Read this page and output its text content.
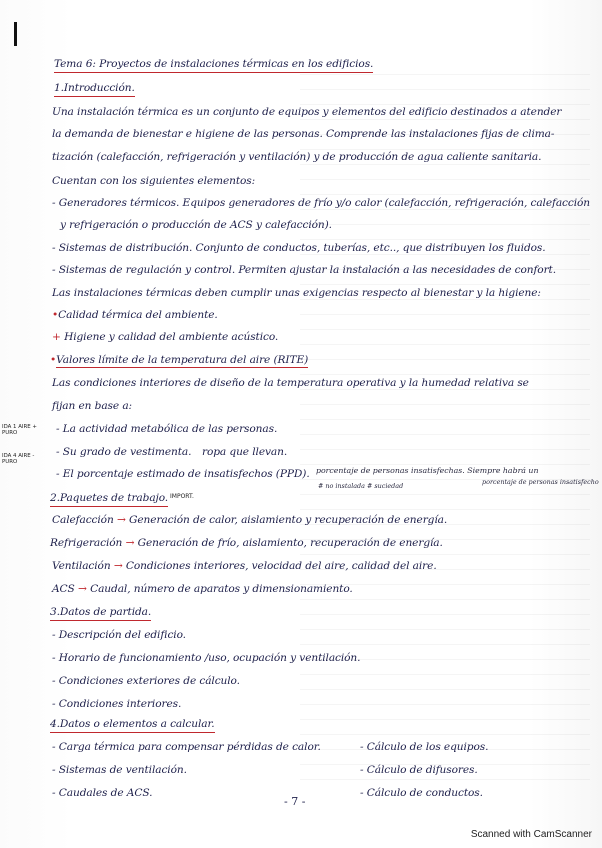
Tema 6: Proyectos de instalaciones térmicas en los edificios.
1.Introducción.
Una instalación térmica es un conjunto de equipos y elementos del edificio destinados a atender
la demanda de bienestar e higiene de las personas. Comprende las instalaciones fijas de clima-
tización (calefacción, refrigeración y ventilación) y de producción de agua caliente sanitaria.
Cuentan con los siguientes elementos:
- Generadores térmicos. Equipos generadores de frío y/o calor (calefacción, refrigeración, calefacción
y refrigeración o producción de ACS y calefacción).
- Sistemas de distribución. Conjunto de conductos, tuberías, etc.., que distribuyen los fluidos.
- Sistemas de regulación y control. Permiten ajustar la instalación a las necesidades de confort.
Las instalaciones térmicas deben cumplir unas exigencias respecto al bienestar y la higiene:
•Calidad térmica del ambiente.
+ Higiene y calidad del ambiente acústico.
•Valores límite de la temperatura del aire (RITE)
Las condiciones interiores de diseño de la temperatura operativa y la humedad relativa se
fijan en base a:
- La actividad metabólica de las personas.
- Su grado de vestimenta. ropa que llevan.
- El porcentaje estimado de insatisfechos (PPD).
IDA 1 AIRE + PURO
IDA 4 AIRE - PURO
porcentaje de personas insatisfechas. Siempre habrá un
porcentaje de personas insatisfecho
# no instalada # suciedad
2.Paquetes de trabajo. IMPORT.
Calefacción → Generación de calor, aislamiento y recuperación de energía.
Refrigeración → Generación de frío, aislamiento, recuperación de energía.
Ventilación → Condiciones interiores, velocidad del aire, calidad del aire.
ACS → Caudal, número de aparatos y dimensionamiento.
3.Datos de partida.
- Descripción del edificio.
- Horario de funcionamiento /uso, ocupación y ventilación.
- Condiciones exteriores de cálculo.
- Condiciones interiores.
4.Datos o elementos a calcular.
- Carga térmica para compensar pérdidas de calor.
- Sistemas de ventilación.
- Caudales de ACS.
- Cálculo de los equipos.
- Cálculo de difusores.
- Cálculo de conductos.
- 7 -
Scanned with CamScanner
